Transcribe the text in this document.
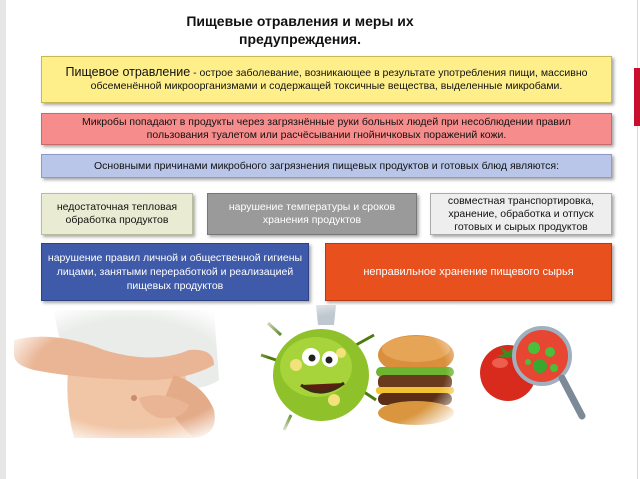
Пищевые отравления и меры их предупреждения.
Пищевое отравление - острое заболевание, возникающее в результате употребления пищи, массивно обсеменённой микроорганизмами и содержащей токсичные вещества, выделенные микробами.
Микробы попадают в продукты через загрязнённые руки больных людей при несоблюдении правил пользования туалетом или расчёсывании гнойничковых поражений кожи.
Основными причинами микробного загрязнения пищевых продуктов и готовых блюд являются:
недостаточная тепловая обработка продуктов
нарушение температуры и сроков хранения продуктов
совместная транспортировка, хранение, обработка и отпуск готовых и сырых продуктов
нарушение правил личной и общественной гигиены лицами, занятыми переработкой и реализацией пищевых продуктов
неправильное хранение пищевого сырья
